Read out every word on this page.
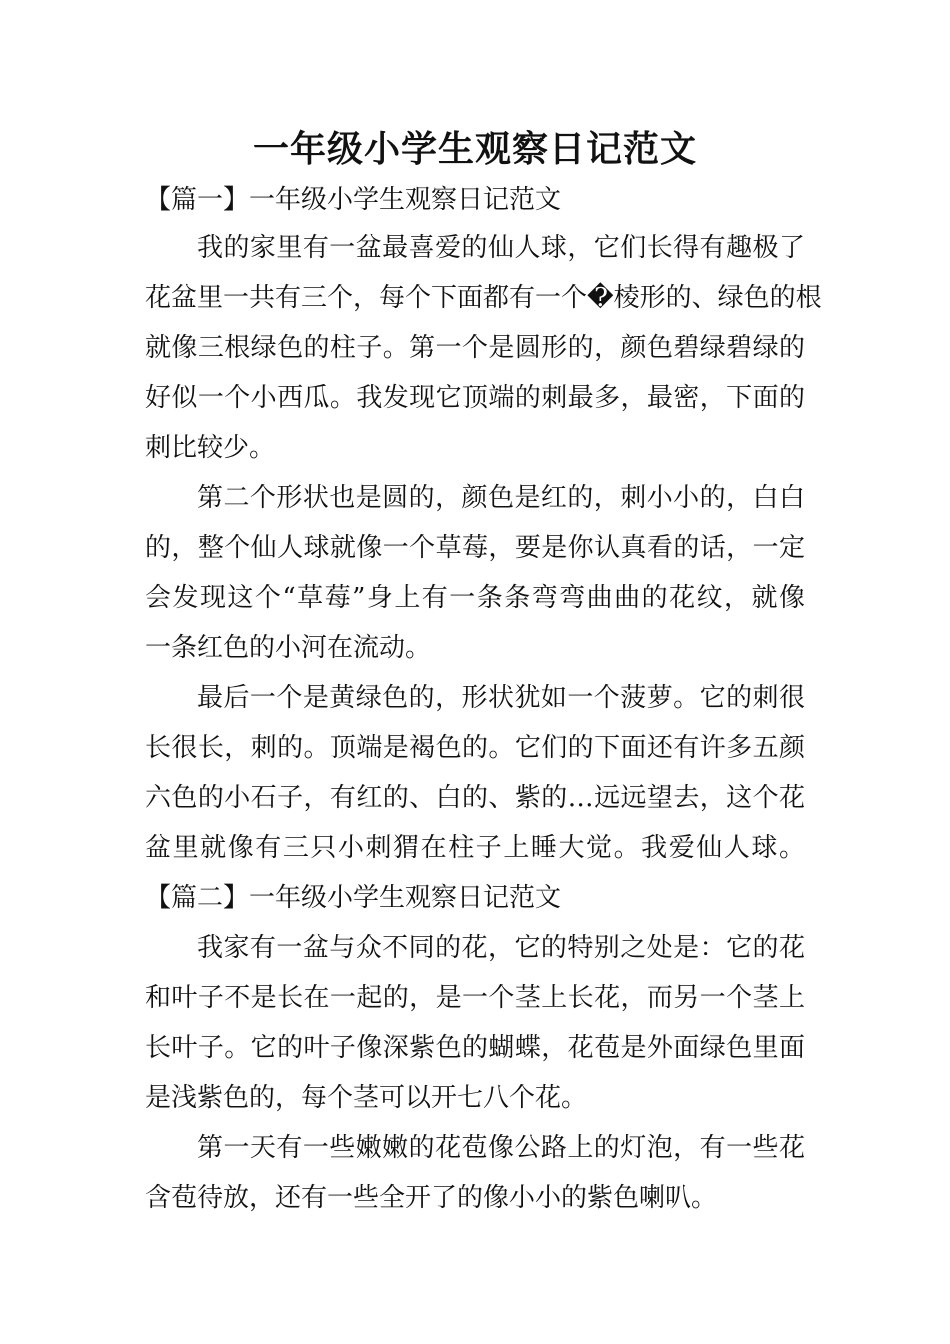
一年级小学生观察日记范文
【篇一】一年级小学生观察日记范文
我的家里有一盆最喜爱的仙人球，它们长得有趣极了
花盆里一共有三个，每个下面都有一个�棱形的、绿色的根
就像三根绿色的柱子。第一个是圆形的，颜色碧绿碧绿的
好似一个小西瓜。我发现它顶端的刺最多，最密，下面的
刺比较少。
第二个形状也是圆的，颜色是红的，刺小小的，白白
的，整个仙人球就像一个草莓，要是你认真看的话，一定
会发现这个“草莓”身上有一条条弯弯曲曲的花纹，就像
一条红色的小河在流动。
最后一个是黄绿色的，形状犹如一个菠萝。它的刺很
长很长，刺的。顶端是褐色的。它们的下面还有许多五颜
六色的小石子，有红的、白的、紫的…远远望去，这个花
盆里就像有三只小刺猬在柱子上睡大觉。我爱仙人球。
【篇二】一年级小学生观察日记范文
我家有一盆与众不同的花，它的特别之处是：它的花
和叶子不是长在一起的，是一个茎上长花，而另一个茎上
长叶子。它的叶子像深紫色的蝴蝶，花苞是外面绿色里面
是浅紫色的，每个茎可以开七八个花。
第一天有一些嫩嫩的花苞像公路上的灯泡，有一些花
含苞待放，还有一些全开了的像小小的紫色喇叭。
